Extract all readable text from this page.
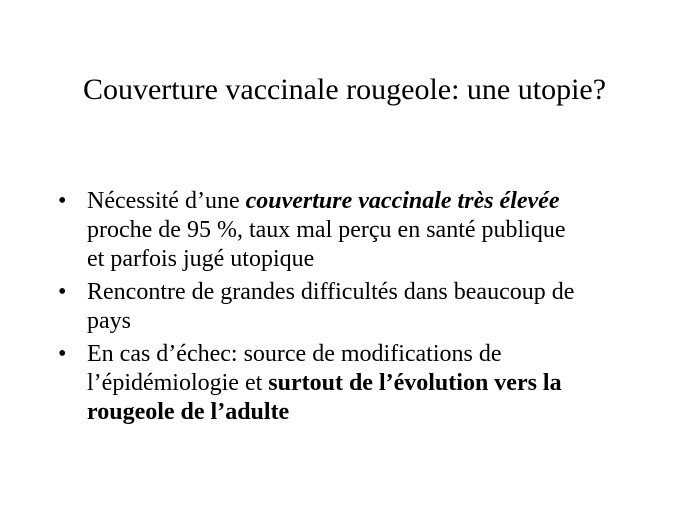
Couverture vaccinale rougeole: une utopie?
• Nécessité d’une couverture vaccinale très élevée
proche de 95 %, taux mal perçu en santé publique
et parfois jugé utopique
• Rencontre de grandes difficultés dans beaucoup de
pays
• En cas d’échec: source de modifications de
l’épidémiologie et surtout de l’évolution vers la
rougeole de l’adulte
